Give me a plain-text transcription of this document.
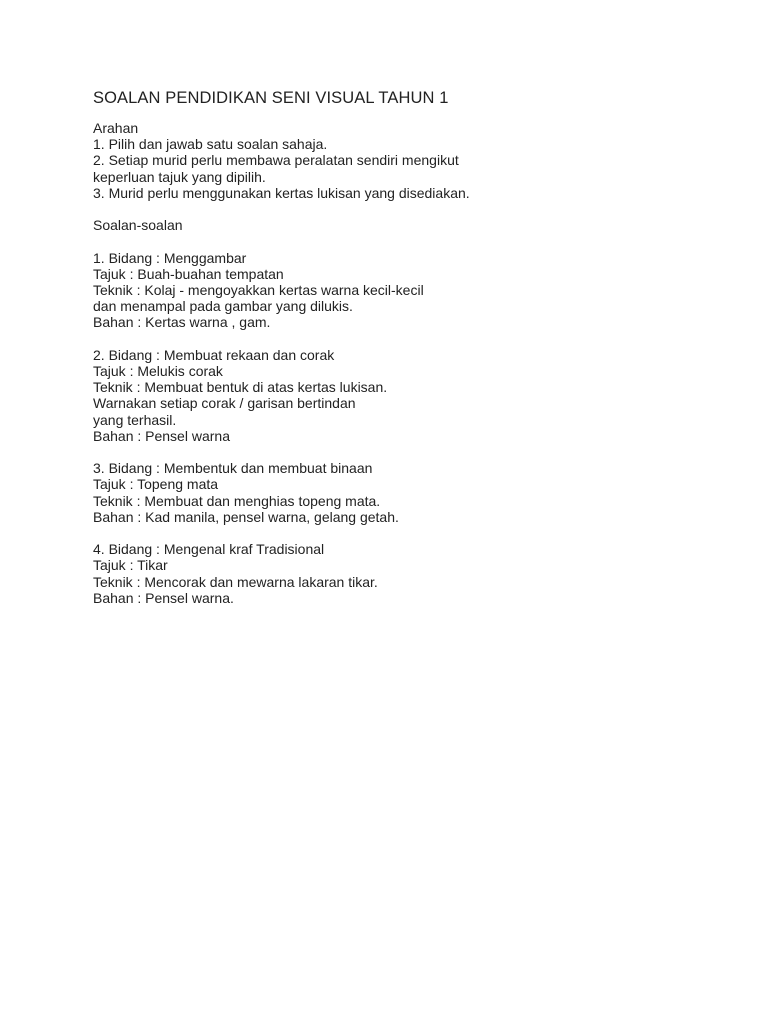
SOALAN PENDIDIKAN SENI VISUAL TAHUN 1

Arahan

1. Pilih dan jawab satu soalan sahaja.

2. Setiap murid perlu membawa peralatan sendiri mengikut

keperluan tajuk yang dipilih.

3. Murid perlu menggunakan kertas lukisan yang disediakan.

Soalan-soalan

1. Bidang : Menggambar

Tajuk : Buah-buahan tempatan

Teknik : Kolaj - mengoyakkan kertas warna kecil-kecil

dan menampal pada gambar yang dilukis.

Bahan : Kertas warna , gam.

2. Bidang : Membuat rekaan dan corak

Tajuk : Melukis corak

Teknik : Membuat bentuk di atas kertas lukisan.

Warnakan setiap corak / garisan bertindan

yang terhasil.

Bahan : Pensel warna

3. Bidang : Membentuk dan membuat binaan

Tajuk : Topeng mata

Teknik : Membuat dan menghias topeng mata.

Bahan : Kad manila, pensel warna, gelang getah.

4. Bidang : Mengenal kraf Tradisional

Tajuk : Tikar

Teknik : Mencorak dan mewarna lakaran tikar.

Bahan : Pensel warna.
